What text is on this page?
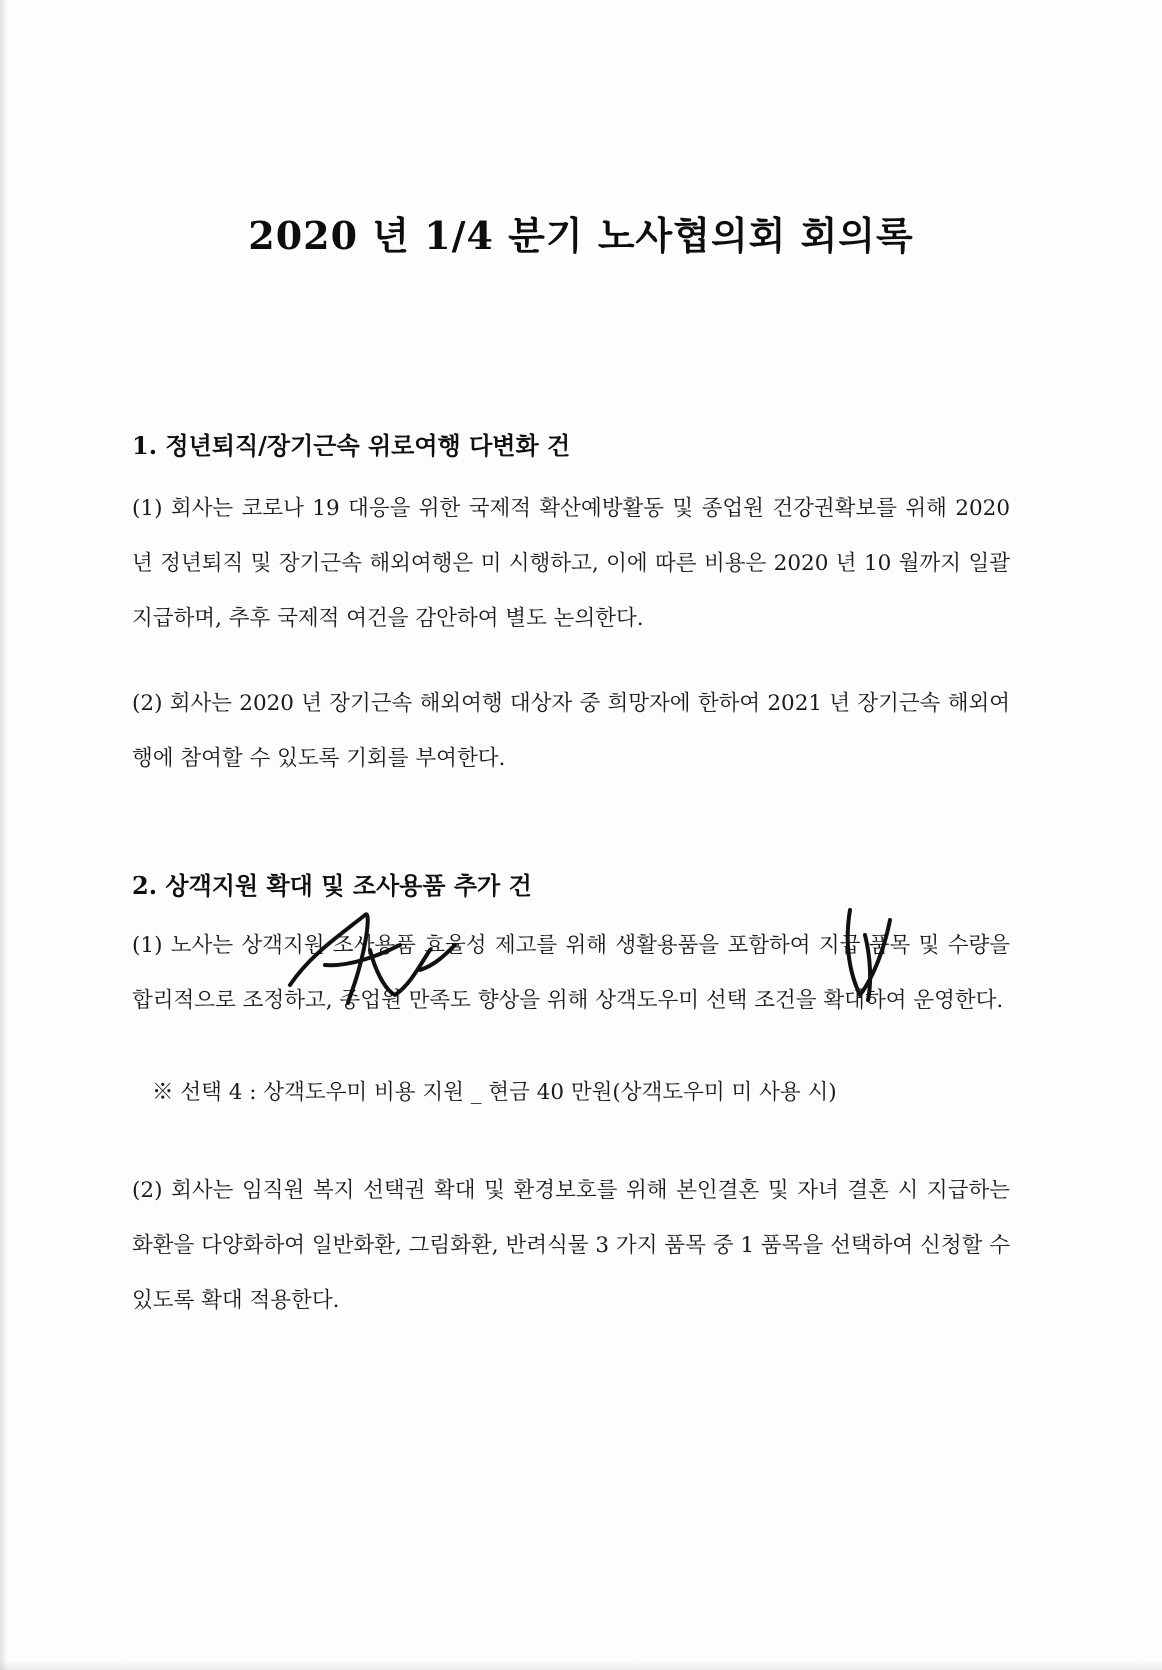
2020 년 1/4 분기 노사협의회 회의록
1. 정년퇴직/장기근속 위로여행 다변화 건
(1) 회사는 코로나 19 대응을 위한 국제적 확산예방활동 및 종업원 건강권확보를 위해 2020 년 정년퇴직 및 장기근속 해외여행은 미 시행하고, 이에 따른 비용은 2020 년 10 월까지 일괄 지급하며, 추후 국제적 여건을 감안하여 별도 논의한다.
(2) 회사는 2020 년 장기근속 해외여행 대상자 중 희망자에 한하여 2021 년 장기근속 해외여행에 참여할 수 있도록 기회를 부여한다.
2. 상객지원 확대 및 조사용품 추가 건
(1) 노사는 상객지원 조사용품 효율성 제고를 위해 생활용품을 포함하여 지급 품목 및 수량을 합리적으로 조정하고, 종업원 만족도 향상을 위해 상객도우미 선택 조건을 확대하여 운영한다.
※ 선택 4 : 상객도우미 비용 지원 _ 현금 40 만원(상객도우미 미 사용 시)
(2) 회사는 임직원 복지 선택권 확대 및 환경보호를 위해 본인결혼 및 자녀 결혼 시 지급하는 화환을 다양화하여 일반화환, 그림화환, 반려식물 3 가지 품목 중 1 품목을 선택하여 신청할 수 있도록 확대 적용한다.
